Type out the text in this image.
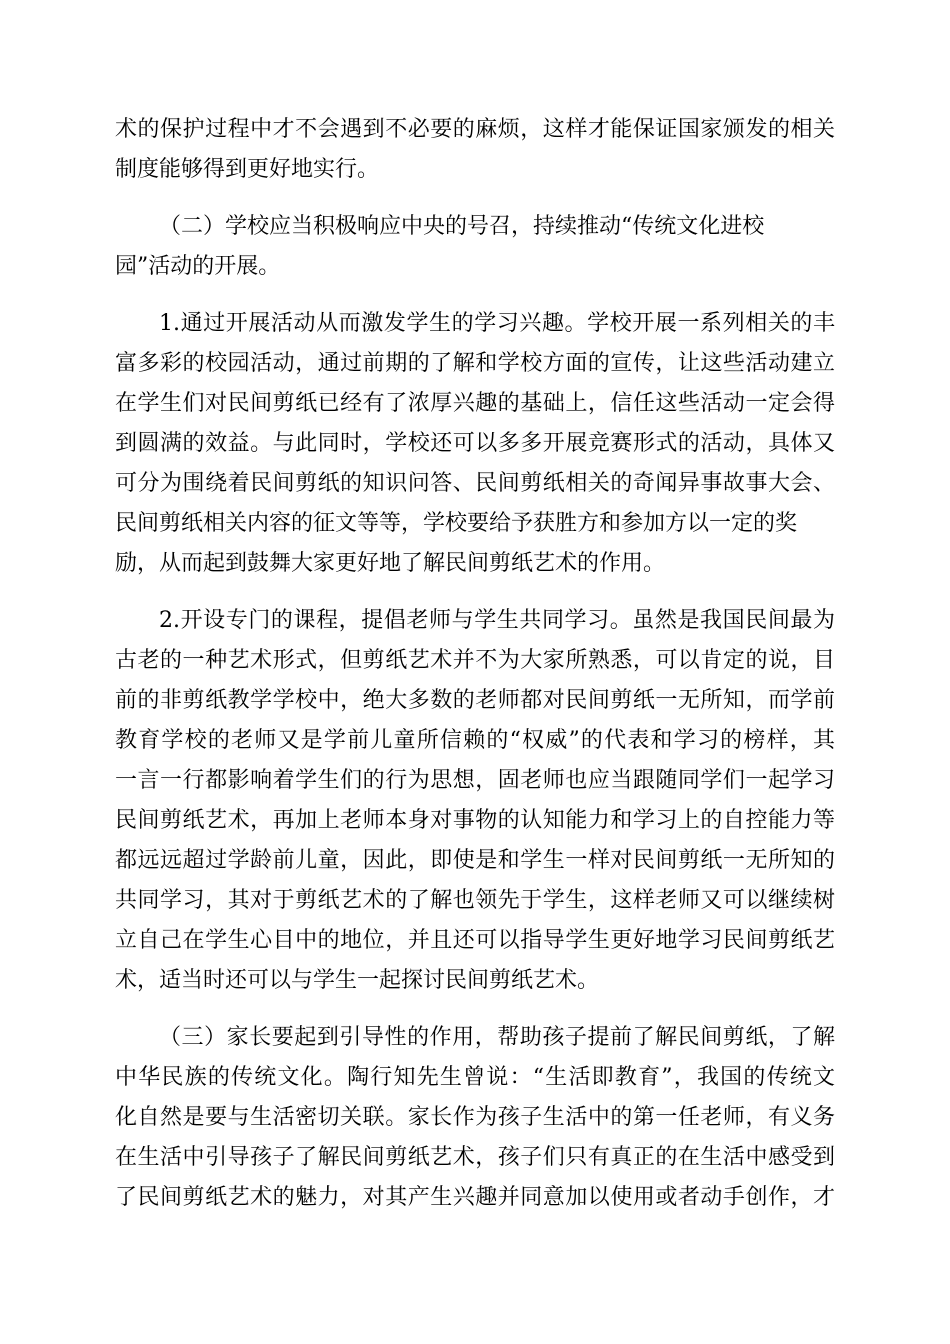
术的保护过程中才不会遇到不必要的麻烦，这样才能保证国家颁发的相关
制度能够得到更好地实行。
（二）学校应当积极响应中央的号召，持续推动“传统文化进校
园”活动的开展。
1.通过开展活动从而激发学生的学习兴趣。学校开展一系列相关的丰
富多彩的校园活动，通过前期的了解和学校方面的宣传，让这些活动建立
在学生们对民间剪纸已经有了浓厚兴趣的基础上，信任这些活动一定会得
到圆满的效益。与此同时，学校还可以多多开展竞赛形式的活动，具体又
可分为围绕着民间剪纸的知识问答、民间剪纸相关的奇闻异事故事大会、
民间剪纸相关内容的征文等等，学校要给予获胜方和参加方以一定的奖
励，从而起到鼓舞大家更好地了解民间剪纸艺术的作用。
2.开设专门的课程，提倡老师与学生共同学习。虽然是我国民间最为
古老的一种艺术形式，但剪纸艺术并不为大家所熟悉，可以肯定的说，目
前的非剪纸教学学校中，绝大多数的老师都对民间剪纸一无所知，而学前
教育学校的老师又是学前儿童所信赖的“权威”的代表和学习的榜样，其
一言一行都影响着学生们的行为思想，固老师也应当跟随同学们一起学习
民间剪纸艺术，再加上老师本身对事物的认知能力和学习上的自控能力等
都远远超过学龄前儿童，因此，即使是和学生一样对民间剪纸一无所知的
共同学习，其对于剪纸艺术的了解也领先于学生，这样老师又可以继续树
立自己在学生心目中的地位，并且还可以指导学生更好地学习民间剪纸艺
术，适当时还可以与学生一起探讨民间剪纸艺术。
（三）家长要起到引导性的作用，帮助孩子提前了解民间剪纸，了解
中华民族的传统文化。陶行知先生曾说：“生活即教育”，我国的传统文
化自然是要与生活密切关联。家长作为孩子生活中的第一任老师，有义务
在生活中引导孩子了解民间剪纸艺术，孩子们只有真正的在生活中感受到
了民间剪纸艺术的魅力，对其产生兴趣并同意加以使用或者动手创作，才
